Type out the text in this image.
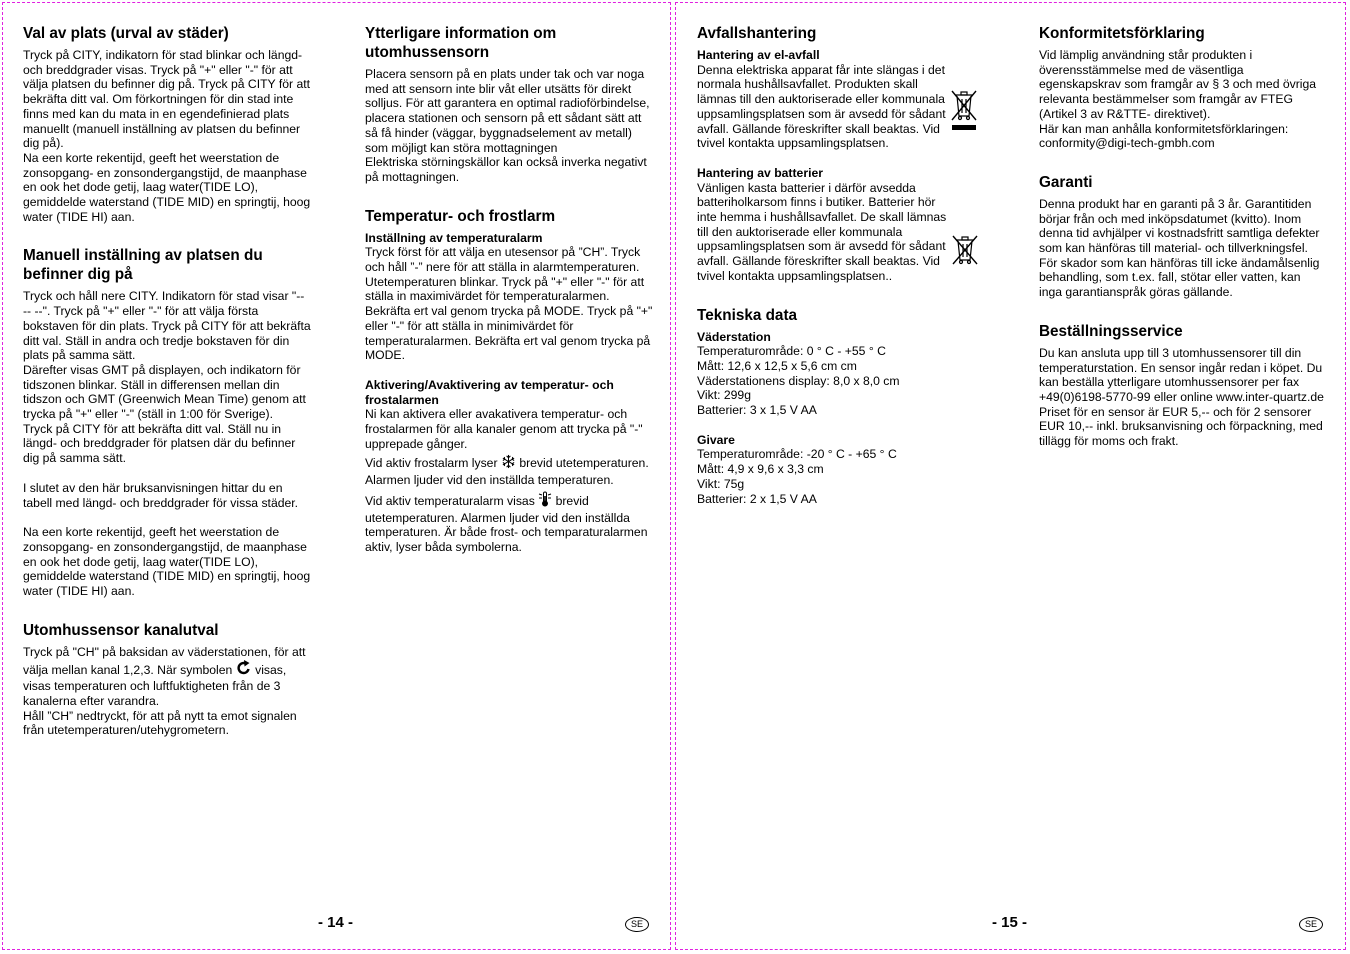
Val av plats (urval av städer)

Tryck på CITY, indikatorn för stad blinkar och längd- och breddgrader visas. Tryck på "+" eller "-" för att välja platsen du befinner dig på. Tryck på CITY för att bekräfta ditt val. Om förkortningen för din stad inte finns med kan du mata in en egendefinierad plats manuellt (manuell inställning av platsen du befinner dig på).

Na een korte rekentijd, geeft het weerstation de zonsopgang- en zonsondergangstijd, de maanphase en ook het dode getij, laag water(TIDE LO), gemiddelde waterstand (TIDE MID) en springtij, hoog water (TIDE HI) aan.

Manuell inställning av platsen du befinner dig på

Tryck och håll nere CITY. Indikatorn för stad visar "-- -- --". Tryck på "+" eller "-" för att välja första bokstaven för din plats. Tryck på CITY för att bekräfta ditt val. Ställ in andra och tredje bokstaven för din plats på samma sätt.

Därefter visas GMT på displayen, och indikatorn för tidszonen blinkar. Ställ in differensen mellan din tidszon och GMT (Greenwich Mean Time) genom att trycka på "+" eller "-" (ställ in 1:00 för Sverige).

Tryck på CITY för att bekräfta ditt val. Ställ nu in längd- och breddgrader för platsen där du befinner dig på samma sätt.

I slutet av den här bruksanvisningen hittar du en tabell med längd- och breddgrader för vissa städer.

Na een korte rekentijd, geeft het weerstation de zonsopgang- en zonsondergangstijd, de maanphase en ook het dode getij, laag water(TIDE LO), gemiddelde waterstand (TIDE MID) en springtij, hoog water (TIDE HI) aan.

Utomhussensor kanalutval

Tryck på "CH" på baksidan av väderstationen, för att välja mellan kanal 1,2,3. När symbolen visas, visas temperaturen och luftfuktigheten från de 3 kanalerna efter varandra.

Håll ”CH” nedtryckt, för att på nytt ta emot signalen från utetemperaturen/utehygrometern.

Ytterligare information om utomhussensorn

Placera sensorn på en plats under tak och var noga med att sensorn inte blir våt eller utsätts för direkt solljus. För att garantera en optimal radioförbindelse, placera stationen och sensorn på ett sådant sätt att så få hinder (väggar, byggnadselement av metall) som möjligt kan störa mottagningen

Elektriska störningskällor kan också inverka negativt på mottagningen.

Temperatur- och frostlarm
Inställning av temperaturalarm

Tryck först för att välja en utesensor på ”CH”. Tryck och håll ”-” nere för att ställa in alarmtemperaturen. Utetemperaturen blinkar. Tryck på "+" eller "-" för att ställa in maximivärdet för temperaturalarmen. Bekräfta ert val genom trycka på MODE. Tryck på "+" eller "-" för att ställa in minimivärdet för temperaturalarmen. Bekräfta ert val genom trycka på MODE.

Aktivering/Avaktivering av temperatur- och frostalarmen

Ni kan aktivera eller avakativera temperatur- och frostalarmen för alla kanaler genom att trycka på "-" upprepade gånger.

Vid aktiv frostalarm lyser brevid utetemperaturen. Alarmen ljuder vid den inställda temperaturen.

Vid aktiv temperaturalarm visas brevid utetemperaturen. Alarmen ljuder vid den inställda temperaturen. Är både frost- och temparaturalarmen aktiv, lyser båda symbolerna.

- 14 -	SE
Avfallshantering
Hantering av el-avfall

Denna elektriska apparat får inte slängas i det normala hushållsavfallet. Produkten skall lämnas till den auktoriserade eller kommunala uppsamlingsplatsen som är avsedd för sådant avfall. Gällande föreskrifter skall beaktas. Vid tvivel kontakta uppsamlingsplatsen.

Hantering av batterier

Vänligen kasta batterier i därför avsedda batteriholkarsom finns i butiker. Batterier hör inte hemma i hushållsavfallet. De skall lämnas till den auktoriserade eller kommunala uppsamlingsplatsen som är avsedd för sådant avfall. Gällande föreskrifter skall beaktas. Vid tvivel kontakta uppsamlingsplatsen..

Tekniska data
Väderstation

Temperaturområde: 0 ° C - +55 ° C

Mått: 12,6 x 12,5 x 5,6 cm cm

Väderstationens display: 8,0 x 8,0 cm

Vikt: 299g

Batterier: 3 x 1,5 V AA

Givare

Temperaturområde: -20 ° C - +65 ° C

Mått: 4,9 x 9,6 x 3,3 cm

Vikt: 75g

Batterier: 2 x 1,5 V AA

Konformitetsförklaring

Vid lämplig användning står produkten i överensstämmelse med de väsentliga egenskapskrav som framgår av § 3 och med övriga relevanta bestämmelser som framgår av FTEG (Artikel 3 av R&TTE- direktivet).

Här kan man anhålla konformitetsförklaringen: conformity@digi-tech-gmbh.com

Garanti

Denna produkt har en garanti på 3 år. Garantitiden börjar från och med inköpsdatumet (kvitto). Inom denna tid avhjälper vi kostnadsfritt samtliga defekter som kan hänföras till material- och tillverkningsfel. För skador som kan hänföras till icke ändamålsenlig behandling, som t.ex. fall, stötar eller vatten, kan inga garantianspråk göras gällande.

Beställningsservice

Du kan ansluta upp till 3 utomhussensorer till din temperaturstation. En sensor ingår redan i köpet. Du kan beställa ytterligare utomhussensorer per fax +49(0)6198-5770-99 eller online www.inter-quartz.de

Priset för en sensor är EUR 5,-- och för 2 sensorer EUR 10,-- inkl. bruksanvisning och förpackning, med tillägg för moms och frakt.

- 15 -	SE
